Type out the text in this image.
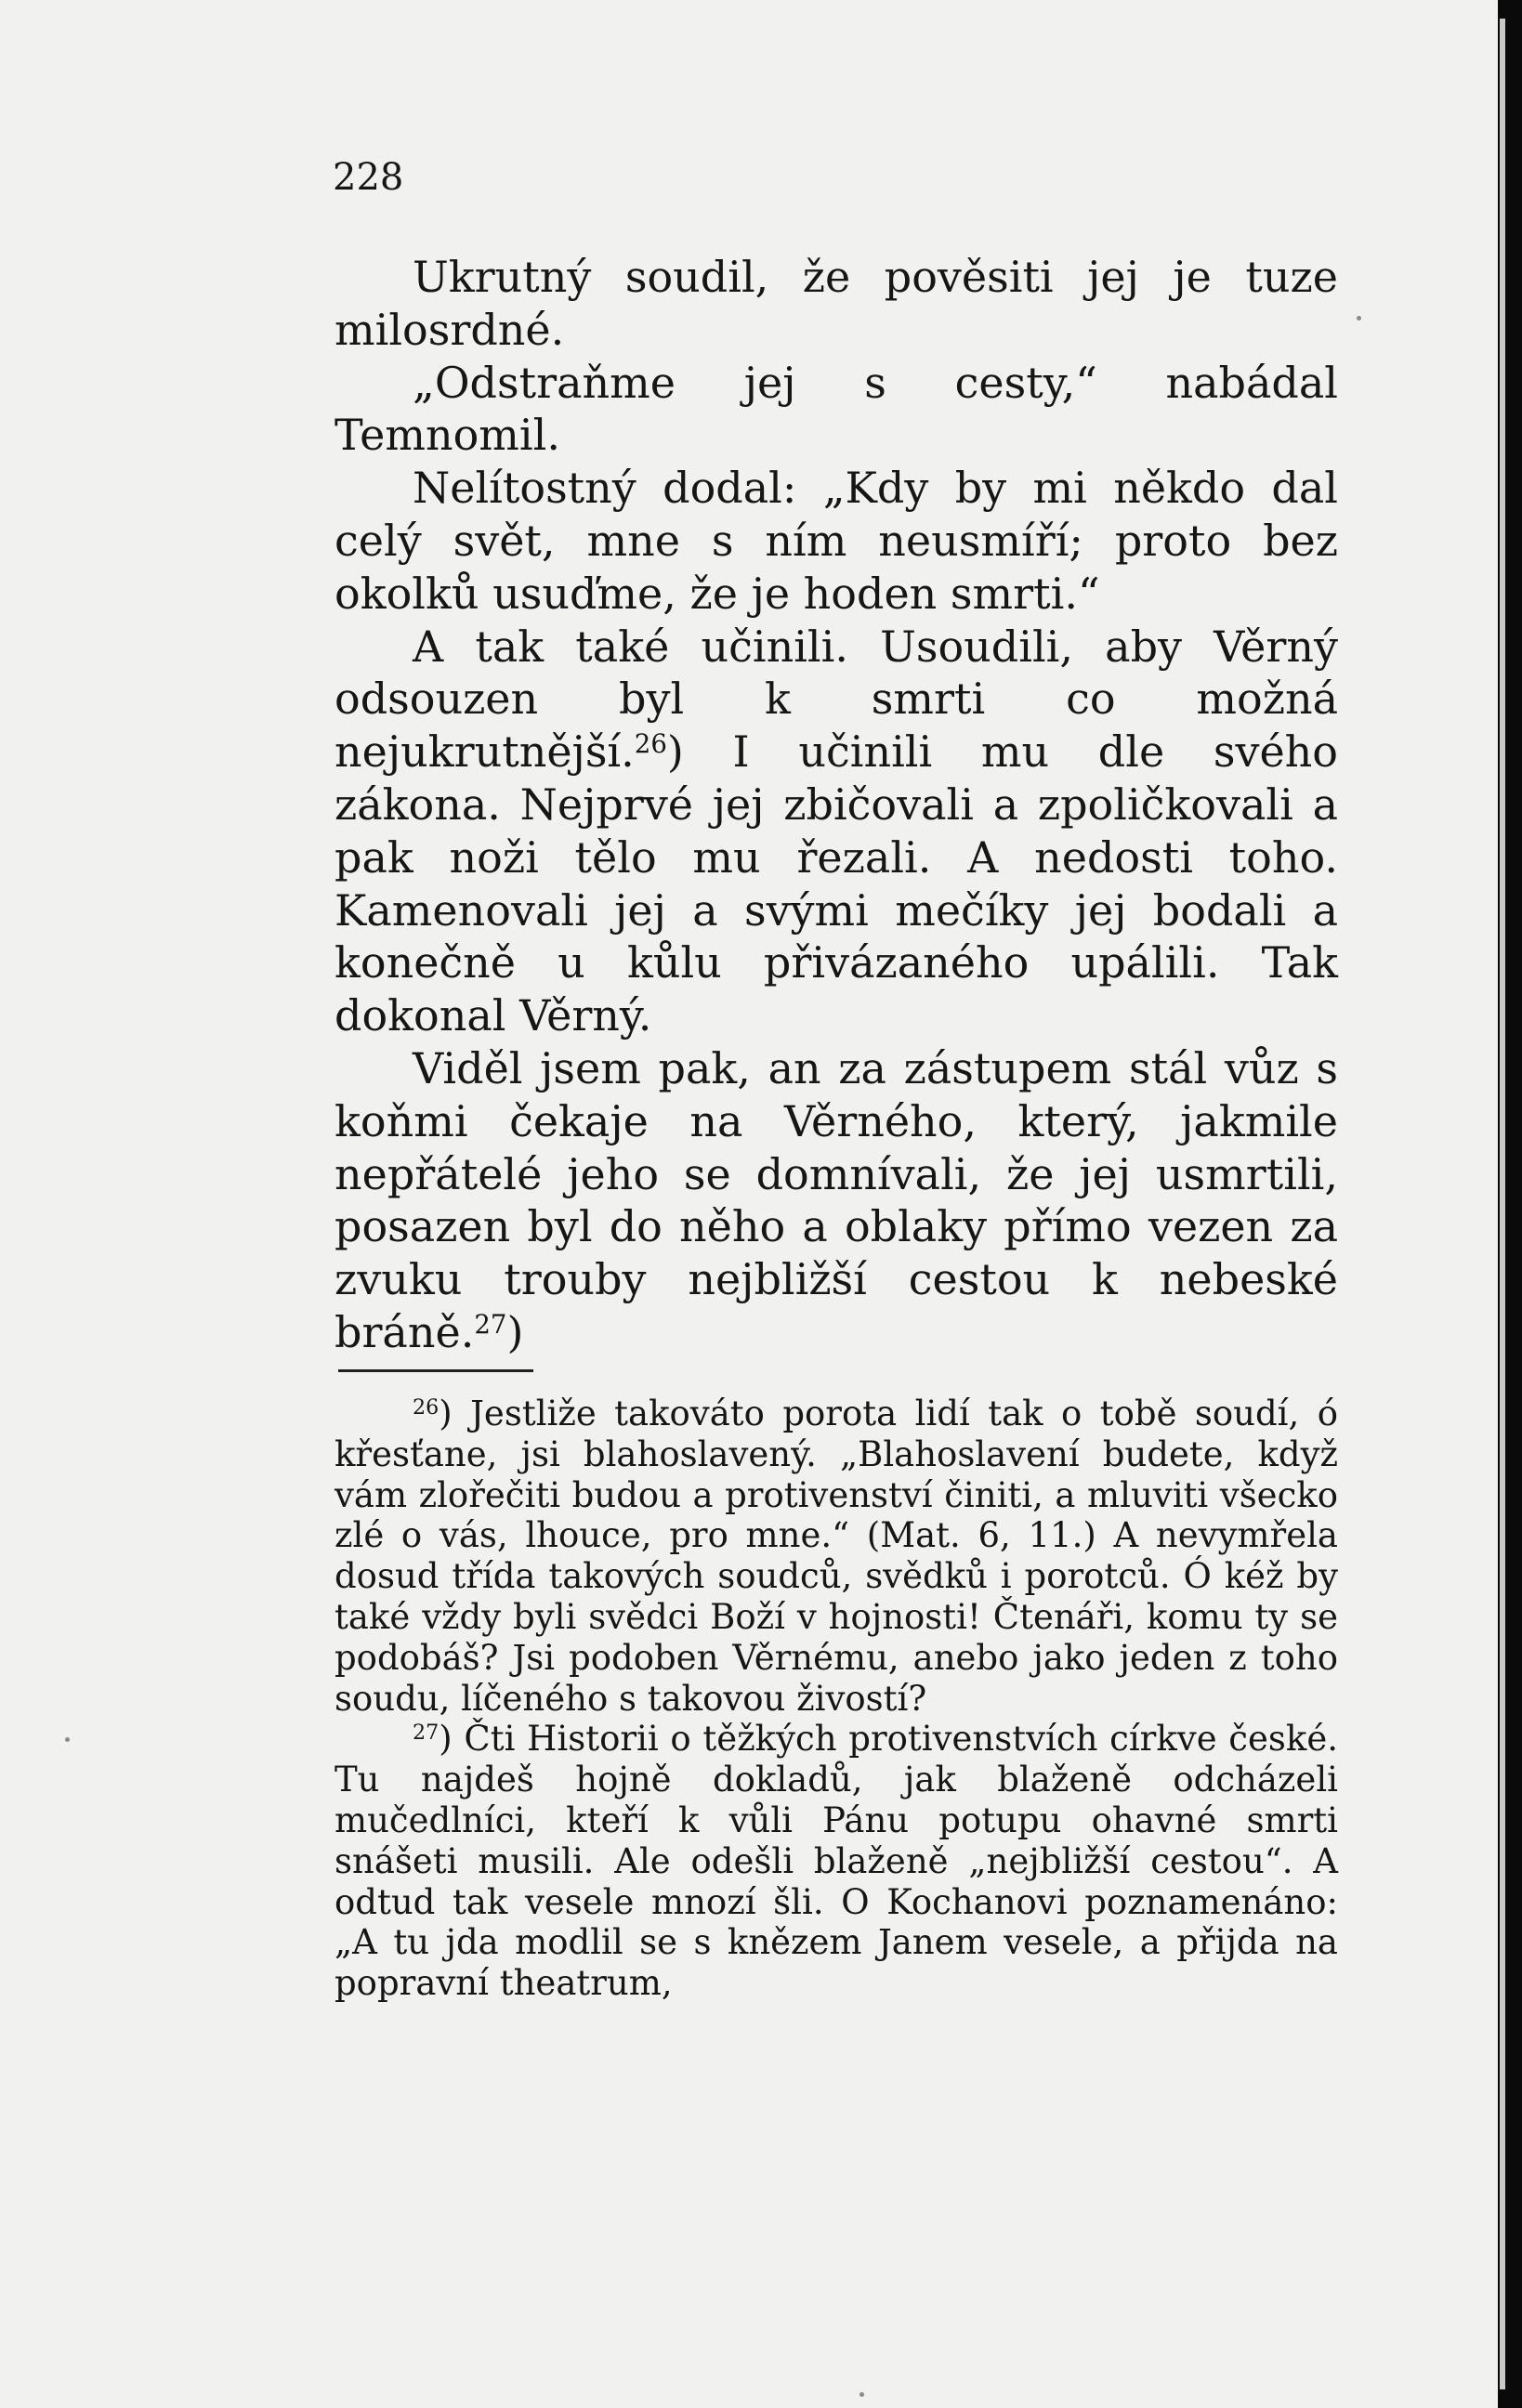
228

Ukrutný soudil, že pověsiti jej je tuze milosrdné.

„Odstraňme jej s cesty,“ nabádal Temnomil.

Nelítostný dodal: „Kdy by mi někdo dal celý svět, mne s ním neusmíří; proto bez okolků usuďme, že je hoden smrti.“

A tak také učinili. Usoudili, aby Věrný odsouzen byl k smrti co možná nejukrutnější.$^{26}$) I učinili mu dle svého zákona. Nejprvé jej zbičovali a zpoličkovali a pak noži tělo mu řezali. A nedosti toho. Kamenovali jej a svými mečíky jej bodali a konečně u kůlu přivázaného upálili. Tak dokonal Věrný.

Viděl jsem pak, an za zástupem stál vůz s koňmi čekaje na Věrného, který, jakmile nepřátelé jeho se domnívali, že jej usmrtili, posazen byl do něho a oblaky přímo vezen za zvuku trouby nejbližší cestou k nebeské bráně.$^{27}$)

$^{26}$) Jestliže takováto porota lidí tak o tobě soudí, ó křesťane, jsi blahoslavený. „Blahoslavení budete, když vám zlořečiti budou a protivenství činiti, a mluviti všecko zlé o vás, lhouce, pro mne.“ (Mat. 6, 11.) A nevymřela dosud třída takových soudců, svědků i porotců. Ó kéž by také vždy byli svědci Boží v hojnosti! Čtenáři, komu ty se podobáš? Jsi podoben Věrnému, anebo jako jeden z toho soudu, líčeného s takovou živostí?

$^{27}$) Čti Historii o těžkých protivenstvích církve české. Tu najdeš hojně dokladů, jak blaženě odcházeli mučedlníci, kteří k vůli Pánu potupu ohavné smrti snášeti musili. Ale odešli blaženě „nejbližší cestou“. A odtud tak vesele mnozí šli. O Kochanovi poznamenáno: „A tu jda modlil se s knězem Janem vesele, a přijda na popravní theatrum,
